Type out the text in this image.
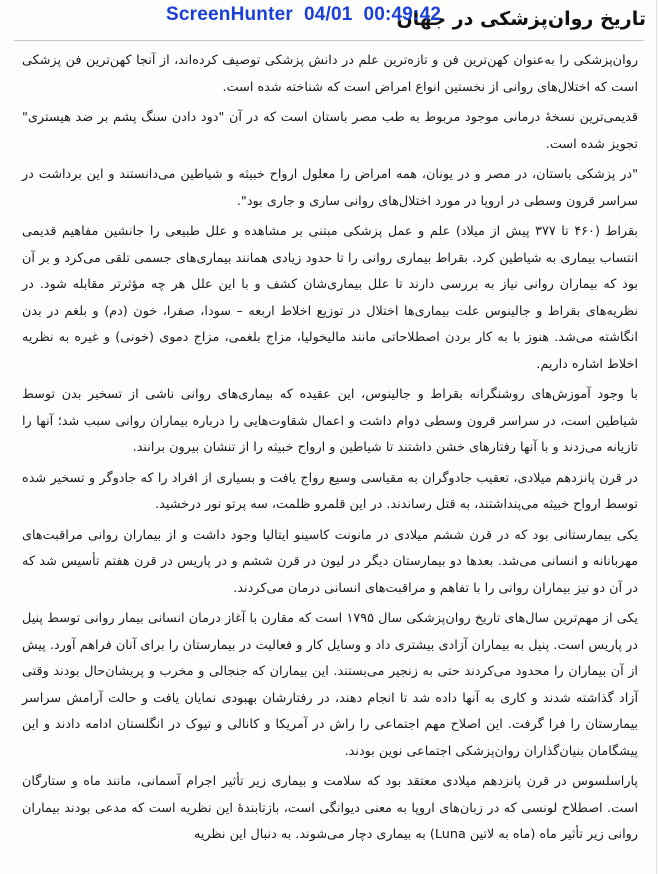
ScreenHunter  04/01  00:49:42
تاریخ روان‌پزشکی در جهان

روان‌پزشکی را به‌عنوان کهن‌ترین فن و تازه‌ترین علم در دانش پزشکی توصیف کرده‌اند، از آنجا کهن‌ترین فن پزشکی است که اختلال‌های روانی از نخستین انواع امراض است که شناخته شده است.

قدیمی‌ترین نسخهٔ درمانی موجود مربوط به طب مصر باستان است که در آن "دود دادن سنگ پشم بر ضد هیستری" تجویز شده است.

"در پزشکی باستان، در مصر و در یونان، همه امراض را معلول ارواح خبیثه و شیاطین می‌دانستند و این برداشت در سراسر قرون وسطی در اروپا در مورد اختلال‌های روانی ساری و جاری بود".

بقراط (۴۶۰ تا ۳۷۷ پیش از میلاد) علم و عمل پزشکی مبتنی بر مشاهده و علل طبیعی را جانشین مفاهیم قدیمی انتساب بیماری به شیاطین کرد. بقراط بیماری روانی را تا حدود زیادی همانند بیماری‌های جسمی تلقی می‌کرد و بر آن بود که بیماران روانی نیاز به بررسی دارند تا علل بیماری‌شان کشف و با این علل هر چه مؤثرتر مقابله شود. در نظریه‌های بقراط و جالینوس علت بیماری‌ها اختلال در توزیع اخلاط اربعه – سودا، صفرا، خون (دم) و بلغم در بدن انگاشته می‌شد. هنوز با به کار بردن اصطلاحاتی مانند مالیخولیا، مزاج بلغمی، مزاج دموی (خونی) و غیره به نظریه اخلاط اشاره داریم.

با وجود آموزش‌های روشنگرانه بقراط و جالینوس، این عقیده که بیماری‌های روانی ناشی از تسخیر بدن توسط شیاطین است، در سراسر قرون وسطی دوام داشت و اعمال شقاوت‌هایی را درباره بیماران روانی سبب شد؛ آنها را تازیانه می‌زدند و با آنها رفتارهای خشن داشتند تا شیاطین و ارواح خبیثه را از تنشان بیرون برانند.

در قرن پانزدهم میلادی، تعقیب جادوگران به مقیاسی وسیع رواج یافت و بسیاری از افراد را که جادوگر و تسخیر شده توسط ارواح خبیثه می‌پنداشتند، به قتل رساندند. در این قلمرو ظلمت، سه پرتو نور درخشید.

یکی بیمارستانی بود که در قرن ششم میلادی در مانونت کاسینو ایتالیا وجود داشت و از بیماران روانی مراقبت‌های مهربانانه و انسانی می‌شد. بعدها دو بیمارستان دیگر در لیون در قرن ششم و در پاریس در قرن هفتم تأسیس شد که در آن دو نیز بیماران روانی را با تفاهم و مراقبت‌های انسانی درمان می‌کردند.

یکی از مهم‌ترین سال‌های تاریخ روان‌پزشکی سال ۱۷۹۵ است که مقارن با آغاز درمان انسانی بیمار روانی توسط پنیل در پاریس است. پنیل به بیماران آزادی بیشتری داد و وسایل کار و فعالیت در بیمارستان را برای آنان فراهم آورد. پیش از آن بیماران را محدود می‌کردند حتی به زنجیر می‌بستند. این بیماران که جنجالی و مخرب و پریشان‌حال بودند وقتی آزاد گذاشته شدند و کاری به آنها داده شد تا انجام دهند، در رفتارشان بهبودی نمایان یافت و حالت آرامش سراسر بیمارستان را فرا گرفت. این اصلاح مهم اجتماعی را راش در آمریکا و کانالی و تیوک در انگلستان ادامه دادند و این پیشگامان بنیان‌گذاران روان‌پزشکی اجتماعی نوین بودند.

پاراسلسوس در قرن پانزدهم میلادی معتقد بود که سلامت و بیماری زیر تأثیر اجرام آسمانی، مانند ماه و ستارگان است. اصطلاح لونسی که در زبان‌های اروپا به معنی دیوانگی است، بازتابندهٔ این نظریه است که مدعی بودند بیماران روانی زیر تأثیر ماه (ماه به لاتین Luna) به بیماری دچار می‌شوند. به دنبال این نظریه
